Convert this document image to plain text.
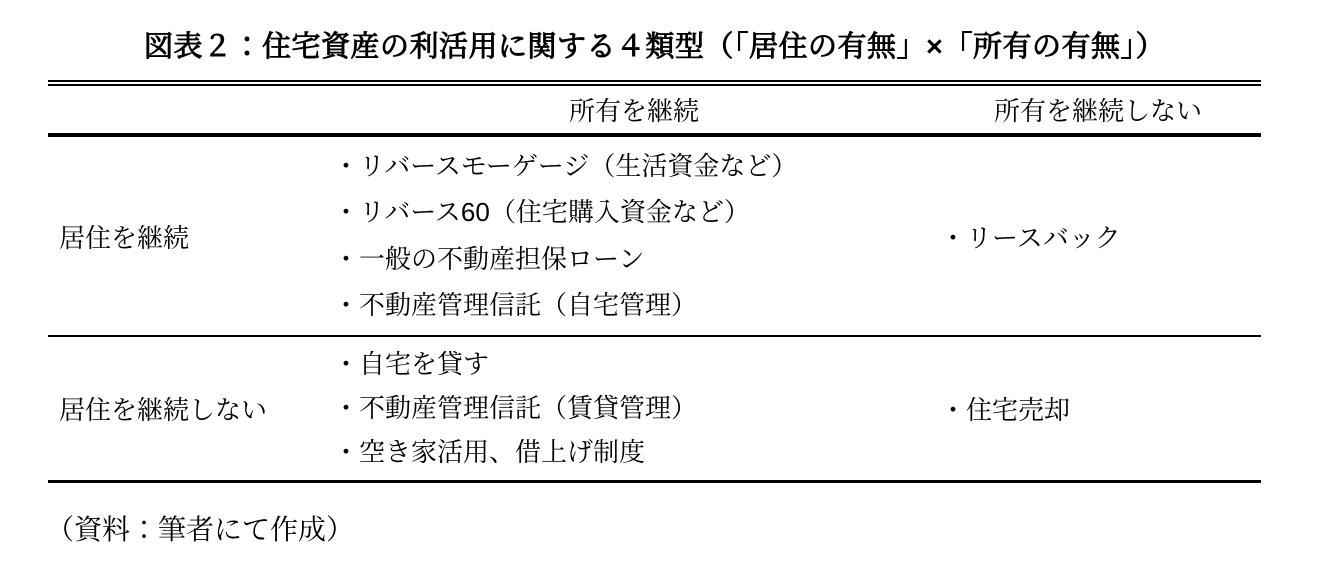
図表２：住宅資産の利活用に関する４類型（「居住の有無」×「所有の有無」）
所有を継続	所有を継続しない
居住を継続
・リバースモーゲージ（生活資金など）
・リバース60（住宅購入資金など）
・一般の不動産担保ローン
・不動産管理信託（自宅管理）
・リースバック
居住を継続しない
・自宅を貸す
・不動産管理信託（賃貸管理）
・空き家活用、借上げ制度
・住宅売却
（資料：筆者にて作成）
